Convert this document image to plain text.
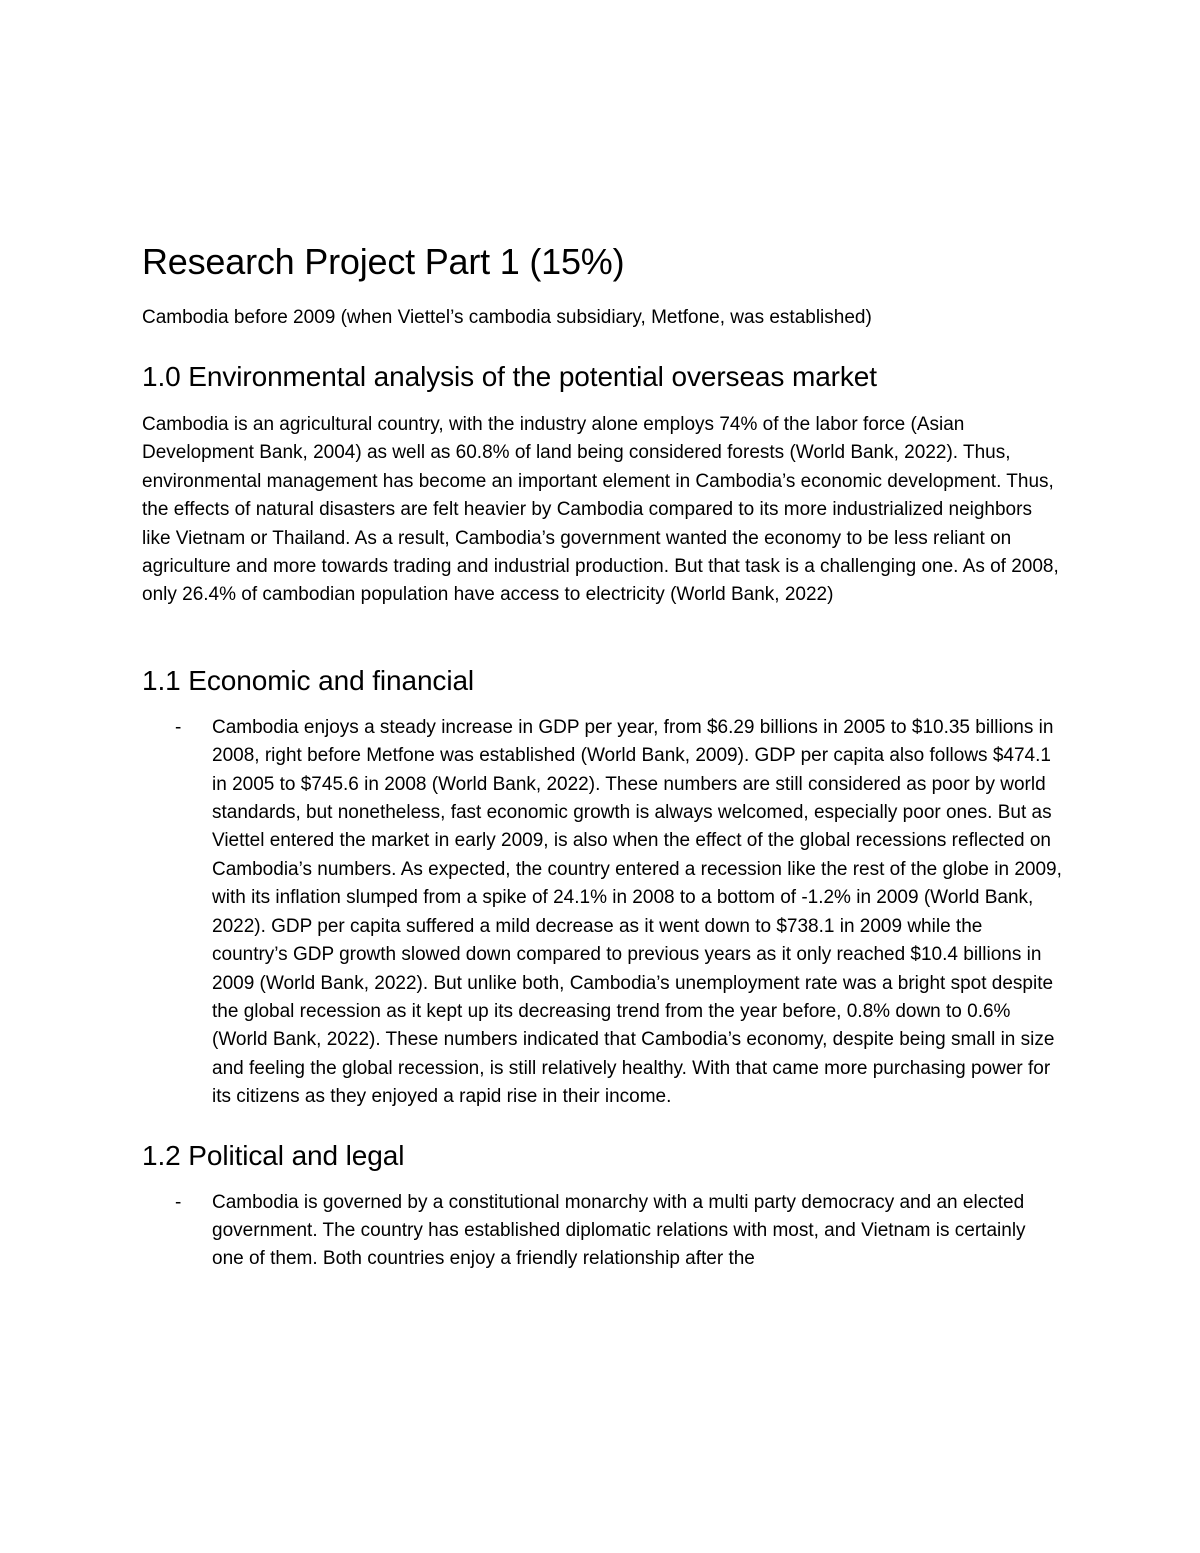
Research Project Part 1 (15%)

Cambodia before 2009 (when Viettel’s cambodia subsidiary, Metfone, was established)

1.0 Environmental analysis of the potential overseas market

Cambodia is an agricultural country, with the industry alone employs 74% of the labor force (Asian Development Bank, 2004) as well as 60.8% of land being considered forests (World Bank, 2022). Thus, environmental management has become an important element in Cambodia’s economic development. Thus, the effects of natural disasters are felt heavier by Cambodia compared to its more industrialized neighbors like Vietnam or Thailand. As a result, Cambodia’s government wanted the economy to be less reliant on agriculture and more towards trading and industrial production. But that task is a challenging one. As of 2008, only 26.4% of cambodian population have access to electricity (World Bank, 2022)

1.1 Economic and financial
- Cambodia enjoys a steady increase in GDP per year, from $6.29 billions in 2005 to $10.35 billions in 2008, right before Metfone was established (World Bank, 2009). GDP per capita also follows $474.1 in 2005 to $745.6 in 2008 (World Bank, 2022). These numbers are still considered as poor by world standards, but nonetheless, fast economic growth is always welcomed, especially poor ones. But as Viettel entered the market in early 2009, is also when the effect of the global recessions reflected on Cambodia’s numbers. As expected, the country entered a recession like the rest of the globe in 2009, with its inflation slumped from a spike of 24.1% in 2008 to a bottom of -1.2% in 2009 (World Bank, 2022). GDP per capita suffered a mild decrease as it went down to $738.1 in 2009 while the country’s GDP growth slowed down compared to previous years as it only reached $10.4 billions in 2009 (World Bank, 2022). But unlike both, Cambodia’s unemployment rate was a bright spot despite the global recession as it kept up its decreasing trend from the year before, 0.8% down to 0.6% (World Bank, 2022). These numbers indicated that Cambodia’s economy, despite being small in size and feeling the global recession, is still relatively healthy. With that came more purchasing power for its citizens as they enjoyed a rapid rise in their income.
1.2 Political and legal
- Cambodia is governed by a constitutional monarchy with a multi party democracy and an elected government. The country has established diplomatic relations with most, and Vietnam is certainly one of them. Both countries enjoy a friendly relationship after the
